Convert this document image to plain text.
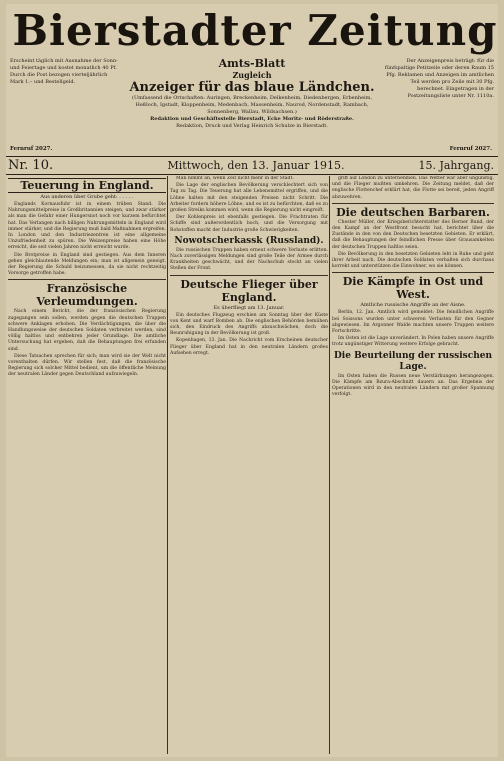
Bierstadter Zeitung
Erscheint täglich mit Ausnahme der Sonn- und Feiertage und kostet monatlich 40 Pf. Durch die Post bezogen vierteljährlich Mark 1.– und Bestellgeld.
Amts-Blatt
Zugleich
Anzeiger für das blaue Ländchen.
(Umfassend die Ortschaften: Auringen, Breckenheim, Delkenheim, Diedenbergen, Erbenheim, Heßloch, Igstadt, Kloppenheim, Medenbach, Massenheim, Naurod, Nordenstadt, Rambach, Sonnenberg, Wallau, Wildsachsen.)
Redaktion und Geschäftsstelle Bierstadt, Ecke Moritz- und Röderstraße.
Redaktion, Druck und Verlag Heinrich Schulze in Bierstadt.
Der Anzeigenpreis beträgt: für die fünfspaltige Petitzeile oder deren Raum 15 Pfg. Reklamen und Anzeigen im amtlichen Teil werden pro Zeile mit 30 Pfg. berechnet. Eingetragen in der Postzeitungsliste unter Nr. 1110a.
Fernruf 2027.	Fernruf 2027.
Nr. 10.	Mittwoch, den 13. Januar 1915.	15. Jahrgang.
Teuerung in England.
Aus anderen über Grube geht: . . . . .

Englands Kornausfuhr ist in einem trüben Stand. Die Nahrungsmittelpreise in Großbritannien steigen, und zwar stärker als man die Gefahr einer Hungersnot noch vor kurzem befürchtet hat. Das Verlangen nach billigen Nahrungsmitteln in England wird immer stärker, und die Regierung muß bald Maßnahmen ergreifen. In London und den Industriezentren ist eine allgemeine Unzufriedenheit zu spüren. Die Weizenpreise haben eine Höhe erreicht, die seit vielen Jahren nicht erreicht wurde.

Die Brotpreise in England sind gestiegen. Aus dem Inneren gehen gleichlautende Meldungen ein; man ist allgemein geneigt, der Regierung die Schuld beizumessen, da sie nicht rechtzeitig Vorsorge getroffen habe.

Französische Verleumdungen.

Nach einem Bericht, die der französischen Regierung zugegangen sein sollen, werden gegen die deutschen Truppen schwere Anklagen erhoben. Die Verdächtigungen, die über die Handlungsweise der deutschen Soldaten verbreitet werden, sind völlig haltlos und entbehren jeder Grundlage. Die amtliche Untersuchung hat ergeben, daß die Behauptungen frei erfunden sind.

Diese Tatsachen sprechen für sich; man wird sie der Welt nicht vorenthalten dürfen. Wir stellen fest, daß die französische Regierung sich solcher Mittel bedient, um die öffentliche Meinung der neutralen Länder gegen Deutschland aufzuwiegeln.

Man nimmt an, wenn Zeit nicht mehr in der Stadt.

Die Lage der englischen Bevölkerung verschlechtert sich von Tag zu Tag. Die Teuerung hat alle Lebensmittel ergriffen, und die Löhne halten mit den steigenden Preisen nicht Schritt. Die Arbeiter fordern höhere Löhne, und es ist zu befürchten, daß es zu großen Streiks kommen wird, wenn die Regierung nicht eingreift.

Der Kohlenpreis ist ebenfalls gestiegen. Die Frachtraten für Schiffe sind außerordentlich hoch, und die Versorgung mit Rohstoffen macht der Industrie große Schwierigkeiten.

Nowotscherkassk (Russland).

Die russischen Truppen haben erneut schwere Verluste erlitten. Nach zuverlässigen Meldungen sind große Teile der Armee durch Krankheiten geschwächt, und der Nachschub stockt an vielen Stellen der Front.

Deutsche Flieger über England.
Es überfliegt am 13. Januar.

Ein deutsches Flugzeug erschien am Sonntag über der Küste von Kent und warf Bomben ab. Die englischen Behörden bemühen sich, den Eindruck des Angriffs abzuschwächen, doch die Beunruhigung in der Bevölkerung ist groß.

Kopenhagen, 13. Jan. Die Nachricht vom Erscheinen deutscher Flieger über England hat in den neutralen Ländern großes Aufsehen erregt.

griff auf London zu unternehmen. Das Wetter war aber ungünstig, und die Flieger mußten umkehren. Die Zeitung meldet, daß der englische Flottenchef erklärt hat, die Flotte sei bereit, jeden Angriff abzuwehren.

Die deutschen Barbaren.

Chester Müller, der Kriegsberichterstatter des Berner Bund, der den Kampf an der Westfront besucht hat, berichtet über die Zustände in den von den Deutschen besetzten Gebieten. Er erklärt, daß die Behauptungen der feindlichen Presse über Grausamkeiten der deutschen Truppen haltlos seien.

Die Bevölkerung in den besetzten Gebieten lebt in Ruhe und geht ihrer Arbeit nach. Die deutschen Soldaten verhalten sich durchaus korrekt und unterstützen die Einwohner, wo sie können.

Die Kämpfe in Ost und West.
Amtliche russische Angriffe an der Aisne.

Berlin, 12. Jan. Amtlich wird gemeldet: Die feindlichen Angriffe bei Soissons wurden unter schweren Verlusten für den Gegner abgewiesen. Im Argonner Walde machten unsere Truppen weitere Fortschritte.

Im Osten ist die Lage unverändert. In Polen haben unsere Angriffe trotz ungünstiger Witterung weitere Erfolge gebracht.

Die Beurteilung der russischen Lage.

Im Osten haben die Russen neue Verstärkungen herangezogen. Die Kämpfe am Bzura-Abschnitt dauern an. Das Ergebnis der Operationen wird in den neutralen Ländern mit großer Spannung verfolgt.
